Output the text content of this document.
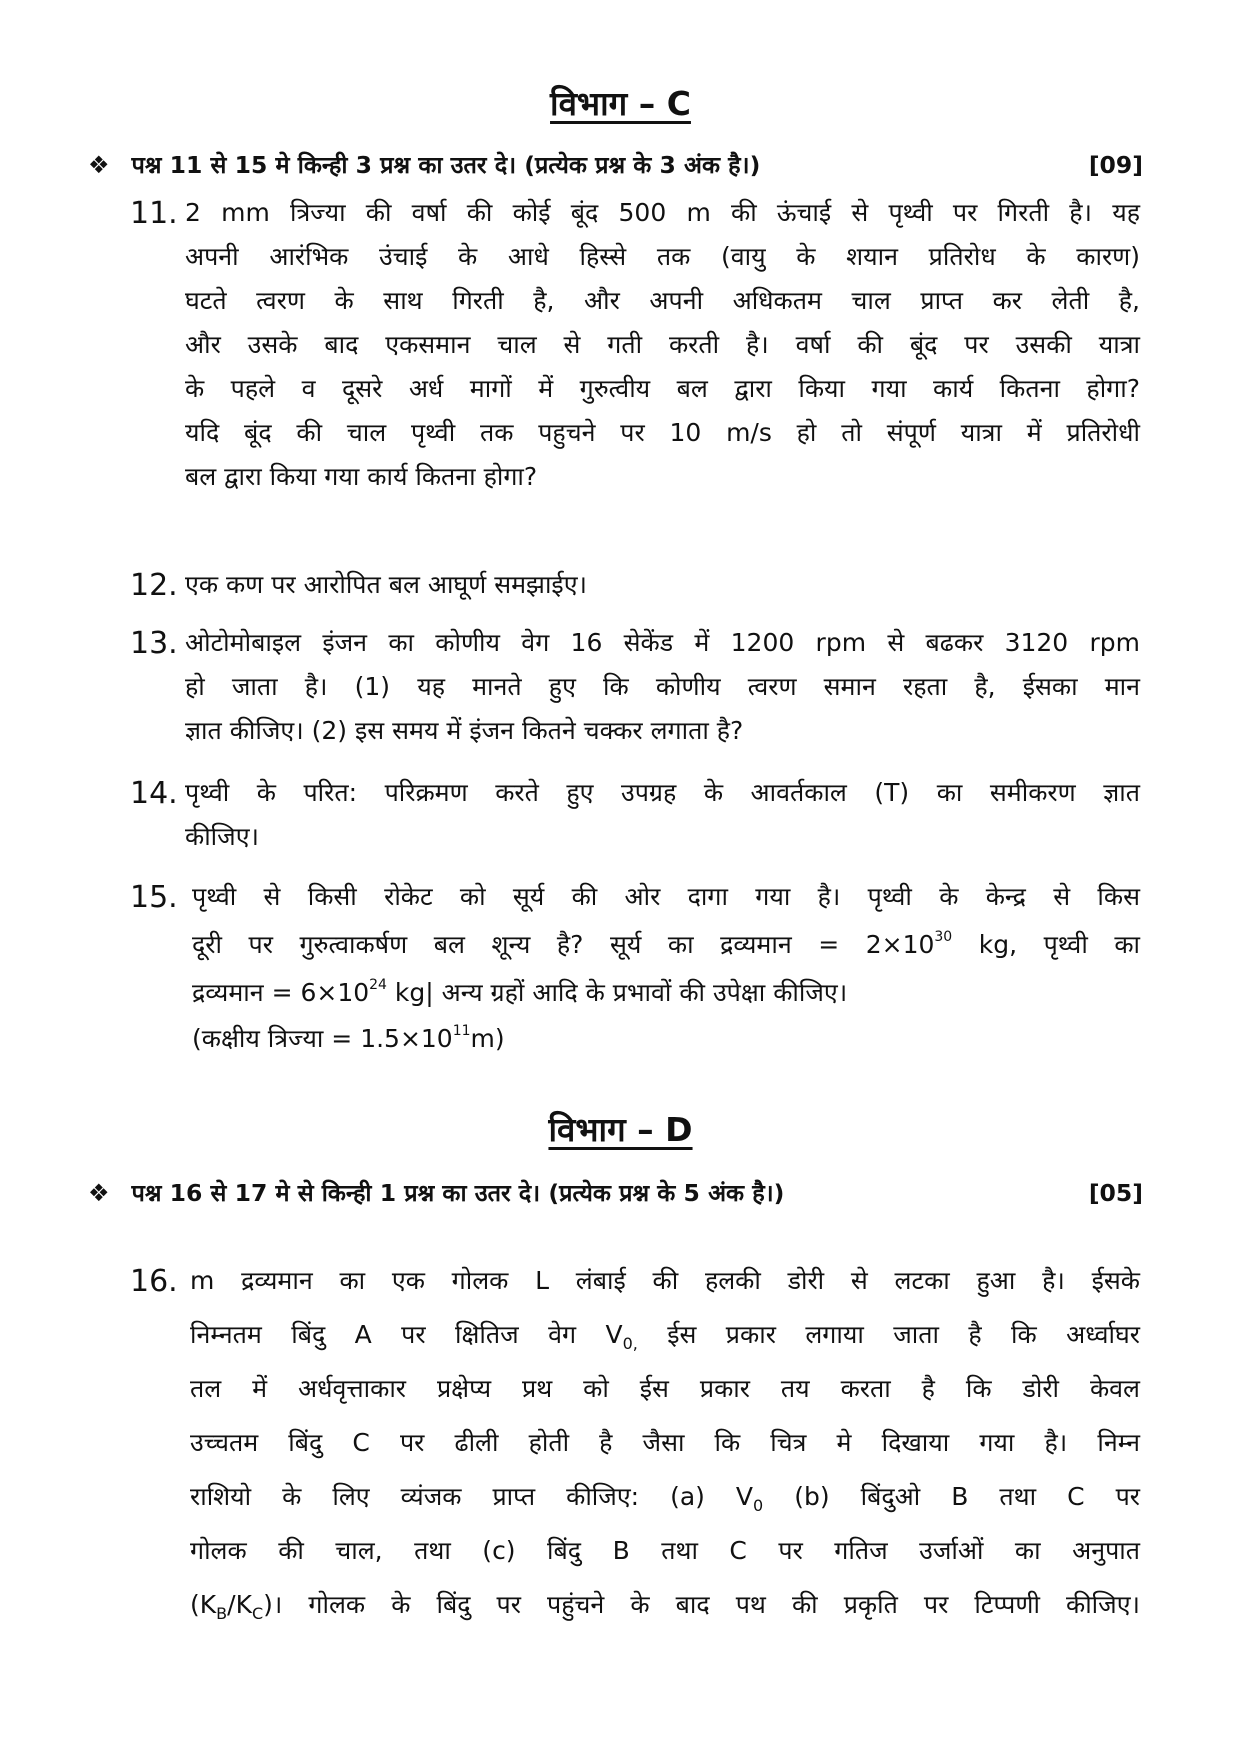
विभाग – C
❖ पश्न 11 से 15 मे किन्ही 3 प्रश्न का उतर दे। (प्रत्येक प्रश्न के 3 अंक है।)	[09]
11. 2 mm त्रिज्या की वर्षा की कोई बूंद 500 m की ऊंचाई से पृथ्वी पर गिरती है। यह
अपनी आरंभिक उंचाई के आधे हिस्से तक (वायु के शयान प्रतिरोध के कारण)
घटते त्वरण के साथ गिरती है, और अपनी अधिकतम चाल प्राप्त कर लेती है,
और उसके बाद एकसमान चाल से गती करती है। वर्षा की बूंद पर उसकी यात्रा
के पहले व दूसरे अर्ध मागों में गुरुत्वीय बल द्वारा किया गया कार्य कितना होगा?
यदि बूंद की चाल पृथ्वी तक पहुचने पर 10 m/s हो तो संपूर्ण यात्रा में प्रतिरोधी
बल द्वारा किया गया कार्य कितना होगा?
12. एक कण पर आरोपित बल आघूर्ण समझाईए।
13. ओटोमोबाइल इंजन का कोणीय वेग 16 सेकेंड में 1200 rpm से बढकर 3120 rpm
हो जाता है। (1) यह मानते हुए कि कोणीय त्वरण समान रहता है, ईसका मान
ज्ञात कीजिए। (2) इस समय में इंजन कितने चक्कर लगाता है?
14. पृथ्वी के परित: परिक्रमण करते हुए उपग्रह के आवर्तकाल (T) का समीकरण ज्ञात
कीजिए।
15. पृथ्वी से किसी रोकेट को सूर्य की ओर दागा गया है। पृथ्वी के केन्द्र से किस
दूरी पर गुरुत्वाकर्षण बल शून्य है? सूर्य का द्रव्यमान = $2\times 10^{30}$ kg, पृथ्वी का
द्रव्यमान = $6\times 10^{24}$ kg| अन्य ग्रहों आदि के प्रभावों की उपेक्षा कीजिए।
(कक्षीय त्रिज्या = $1.5\times 10^{11}m$)
विभाग – D
❖ पश्न 16 से 17 मे से किन्ही 1 प्रश्न का उतर दे। (प्रत्येक प्रश्न के 5 अंक है।)	[05]
16. m द्रव्यमान का एक गोलक L लंबाई की हलकी डोरी से लटका हुआ है। ईसके
निम्नतम बिंदु A पर क्षितिज वेग $V_{0,}$ ईस प्रकार लगाया जाता है कि अर्ध्वाघर
तल में अर्धवृत्ताकार प्रक्षेप्य प्रथ को ईस प्रकार तय करता है कि डोरी केवल
उच्चतम बिंदु C पर ढीली होती है जैसा कि चित्र मे दिखाया गया है। निम्न
राशियो के लिए व्यंजक प्राप्त कीजिए: (a) $V_0$ (b) बिंदुओ B तथा C पर
गोलक की चाल, तथा (c) बिंदु B तथा C पर गतिज उर्जाओं का अनुपात
$(K_B/K_C)।$ गोलक के बिंदु पर पहुंचने के बाद पथ की प्रकृति पर टिप्पणी कीजिए।
